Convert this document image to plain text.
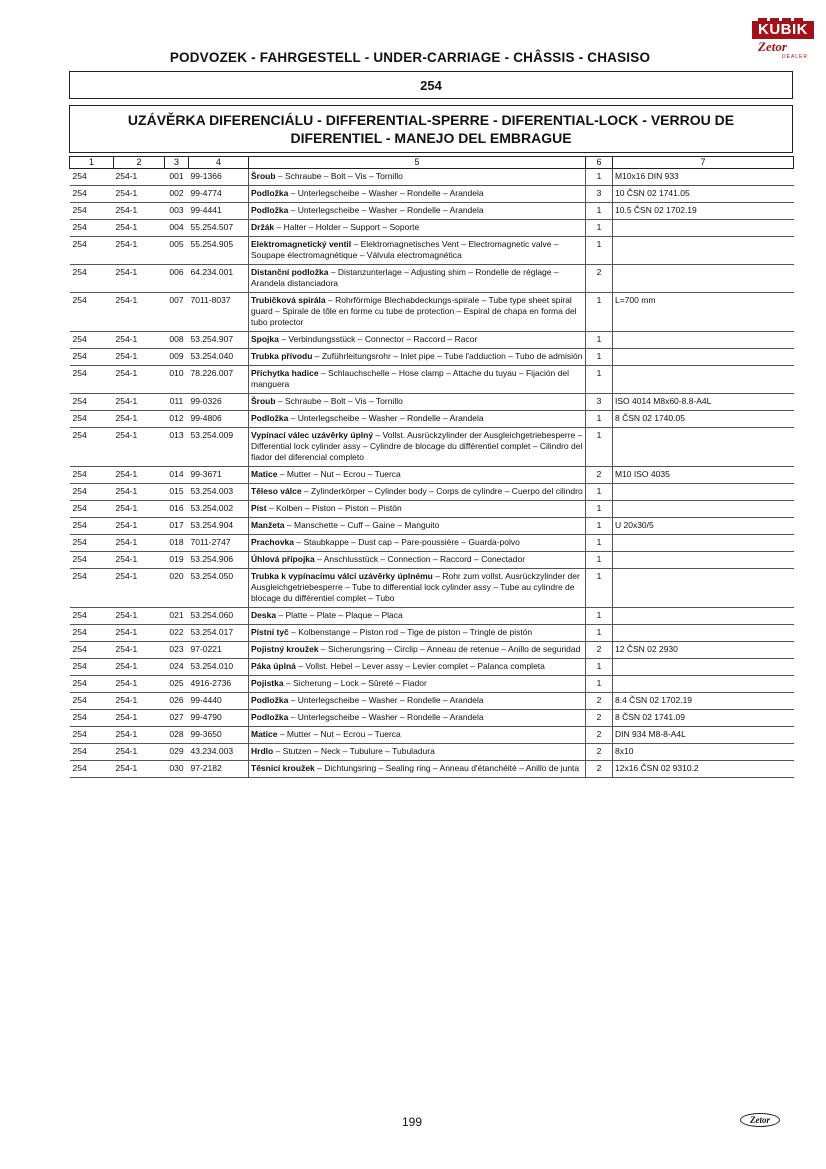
KUBIK
Zetor
DEALER
PODVOZEK - FAHRGESTELL - UNDER-CARRIAGE - CHÂSSIS - CHASISO
254
UZÁVĚRKA DIFERENCIÁLU - DIFFERENTIAL-SPERRE - DIFERENTIAL-LOCK - VERROU DE
DIFERENTIEL - MANEJO DEL EMBRAGUE
1	2	3	4	5	6	7
254	254-1	001	99-1366	Šroub – Schraube – Bolt – Vis – Tornillo	1	M10x16 DIN 933
254	254-1	002	99-4774	Podložka – Unterlegscheibe – Washer – Rondelle – Arandela	3	10 ČSN 02 1741.05
254	254-1	003	99-4441	Podložka – Unterlegscheibe – Washer – Rondelle – Arandela	1	10.5 ČSN 02 1702.19
254	254-1	004	55.254.507	Držák – Halter – Holder – Support – Soporte	1	
254	254-1	005	55.254.905	Elektromagnetický ventil – Elektromagnetisches Vent – Electromagnetic valve – Soupape électromagnétique – Válvula electromagnética	1	
254	254-1	006	64.234.001	Distanční podložka – Distanzunterlage – Adjusting shim – Rondelle de réglage – Arandela distanciadora	2	
254	254-1	007	7011-8037	Trubičková spirála – Rohrförmige Blechabdeckungs-spirale – Tube type sheet spiral guard – Spirale de tôle en forme cu tube de protection – Espiral de chapa en forma del tubo protector	1	L=700 mm
254	254-1	008	53.254.907	Spojka – Verbindungsstück – Connector – Raccord – Racor	1	
254	254-1	009	53.254.040	Trubka přívodu – Zuführleitungsrohr – Inlet pipe – Tube l'adduction – Tubo de admisión	1	
254	254-1	010	78.226.007	Příchytka hadice – Schlauchschelle – Hose clamp – Attache du tuyau – Fijación del manguera	1	
254	254-1	011	99-0326	Šroub – Schraube – Bolt – Vis – Tornillo	3	ISO 4014 M8x60-8.8-A4L
254	254-1	012	99-4806	Podložka – Unterlegscheibe – Washer – Rondelle – Arandela	1	8 ČSN 02 1740.05
254	254-1	013	53.254.009	Vypínací válec uzávěrky úplný – Vollst. Ausrückzylinder der Ausgleichgetriebesperre – Differential lock cylinder assy – Cylindre de blocage du différentiel complet – Cilindro del fiador del diferencial completo	1	
254	254-1	014	99-3671	Matice – Mutter – Nut – Ecrou – Tuerca	2	M10 ISO 4035
254	254-1	015	53.254.003	Těleso válce – Zylinderkörper – Cylinder body – Corps de cylindre – Cuerpo del cilindro	1	
254	254-1	016	53.254.002	Píst – Kolben – Piston – Piston – Pistón	1	
254	254-1	017	53.254.904	Manžeta – Manschette – Cuff – Gaine – Manguito	1	U 20x30/5
254	254-1	018	7011-2747	Prachovka – Staubkappe – Dust cap – Pare-poussière – Guarda-polvo	1	
254	254-1	019	53.254.906	Úhlová přípojka – Anschlusstück – Connection – Raccord – Conectador	1	
254	254-1	020	53.254.050	Trubka k vypínacímu válci uzávěrky úplnému – Rohr zum vollst. Ausrückzylinder der Ausgleichgetriebesperre – Tube to differential lock cylinder assy – Tube au cylindre de blocage du différentiel complet – Tubo	1	
254	254-1	021	53.254.060	Deska – Platte – Plate – Plaque – Placa	1	
254	254-1	022	53.254.017	Pístní tyč – Kolbenstange – Piston rod – Tige de piston – Tringle de pistón	1	
254	254-1	023	97-0221	Pojistný kroužek – Sicherungsring – Circlip – Anneau de retenue – Anillo de seguridad	2	12 ČSN 02 2930
254	254-1	024	53.254.010	Páka úplná – Vollst. Hebel – Lever assy – Levier complet – Palanca completa	1	
254	254-1	025	4916-2736	Pojistka – Sicherung – Lock – Sûreté – Fiador	1	
254	254-1	026	99-4440	Podložka – Unterlegscheibe – Washer – Rondelle – Arandela	2	8.4 ČSN 02 1702.19
254	254-1	027	99-4790	Podložka – Unterlegscheibe – Washer – Rondelle – Arandela	2	8 ČSN 02 1741.09
254	254-1	028	99-3650	Matice – Mutter – Nut – Ecrou – Tuerca	2	DIN 934 M8-8-A4L
254	254-1	029	43.234.003	Hrdlo – Stutzen – Neck – Tubulure – Tubuladura	2	8x10
254	254-1	030	97-2182	Těsnicí kroužek – Dichtungsring – Sealing ring – Anneau d'étanchéité – Anillo de junta	2	12x16 ČSN 02 9310.2
199	Zetor
